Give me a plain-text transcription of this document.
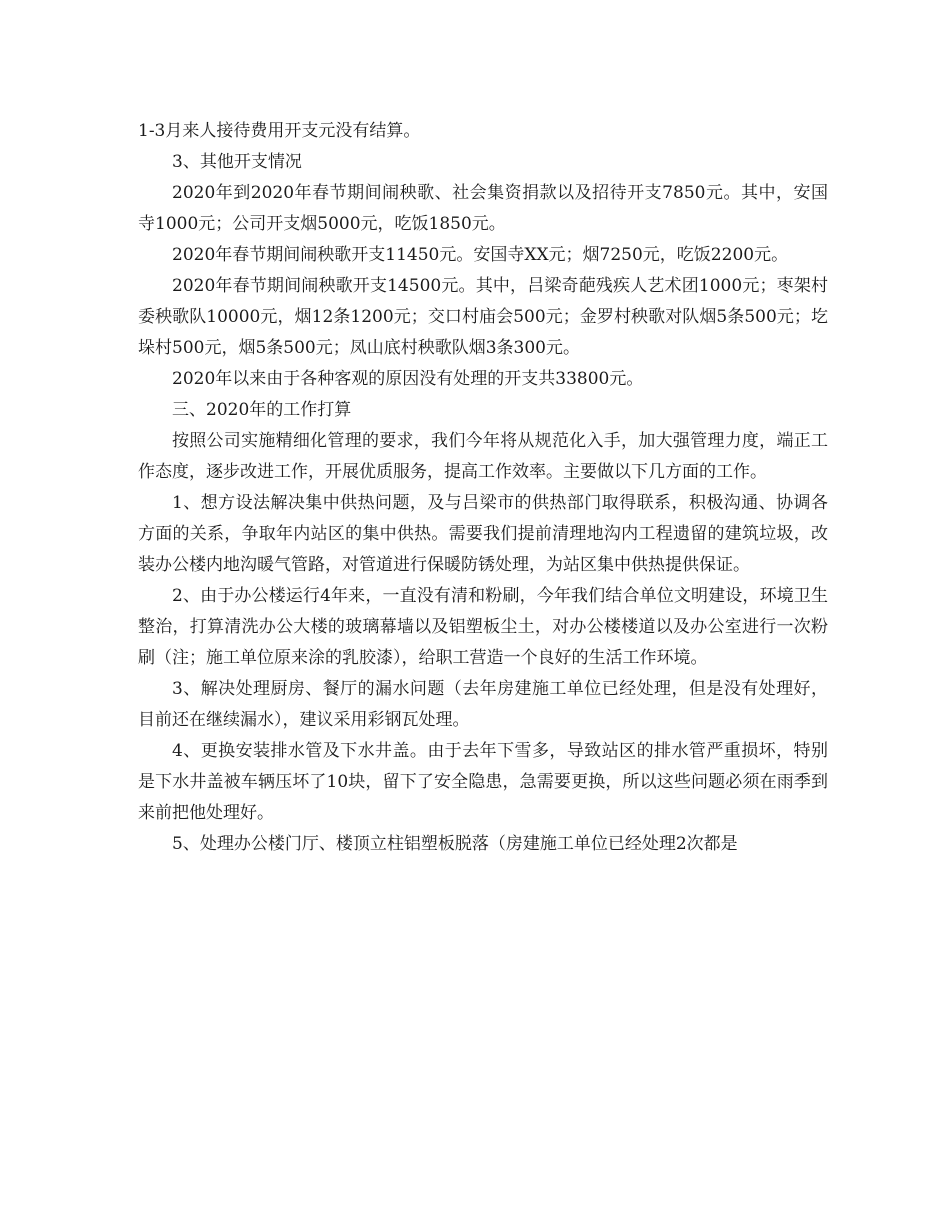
1-3月来人接待费用开支元没有结算。

3、其他开支情况

2020年到2020年春节期间闹秧歌、社会集资捐款以及招待开支7850元。其中，安国寺1000元；公司开支烟5000元，吃饭1850元。

2020年春节期间闹秧歌开支11450元。安国寺XX元；烟7250元，吃饭2200元。

2020年春节期间闹秧歌开支14500元。其中，吕梁奇葩残疾人艺术团1000元；枣架村委秧歌队10000元，烟12条1200元；交口村庙会500元；金罗村秧歌对队烟5条500元；圪垛村500元，烟5条500元；凤山底村秧歌队烟3条300元。

2020年以来由于各种客观的原因没有处理的开支共33800元。

三、2020年的工作打算

按照公司实施精细化管理的要求，我们今年将从规范化入手，加大强管理力度，端正工作态度，逐步改进工作，开展优质服务，提高工作效率。主要做以下几方面的工作。

1、想方设法解决集中供热问题，及与吕梁市的供热部门取得联系，积极沟通、协调各方面的关系，争取年内站区的集中供热。需要我们提前清理地沟内工程遗留的建筑垃圾，改装办公楼内地沟暖气管路，对管道进行保暖防锈处理，为站区集中供热提供保证。

2、由于办公楼运行4年来，一直没有清和粉刷，今年我们结合单位文明建设，环境卫生整治，打算清洗办公大楼的玻璃幕墙以及铝塑板尘土，对办公楼楼道以及办公室进行一次粉刷（注；施工单位原来涂的乳胶漆），给职工营造一个良好的生活工作环境。

3、解决处理厨房、餐厅的漏水问题（去年房建施工单位已经处理，但是没有处理好，目前还在继续漏水），建议采用彩钢瓦处理。

4、更换安装排水管及下水井盖。由于去年下雪多，导致站区的排水管严重损坏，特别是下水井盖被车辆压坏了10块，留下了安全隐患，急需要更换，所以这些问题必须在雨季到来前把他处理好。

5、处理办公楼门厅、楼顶立柱铝塑板脱落（房建施工单位已经处理2次都是
